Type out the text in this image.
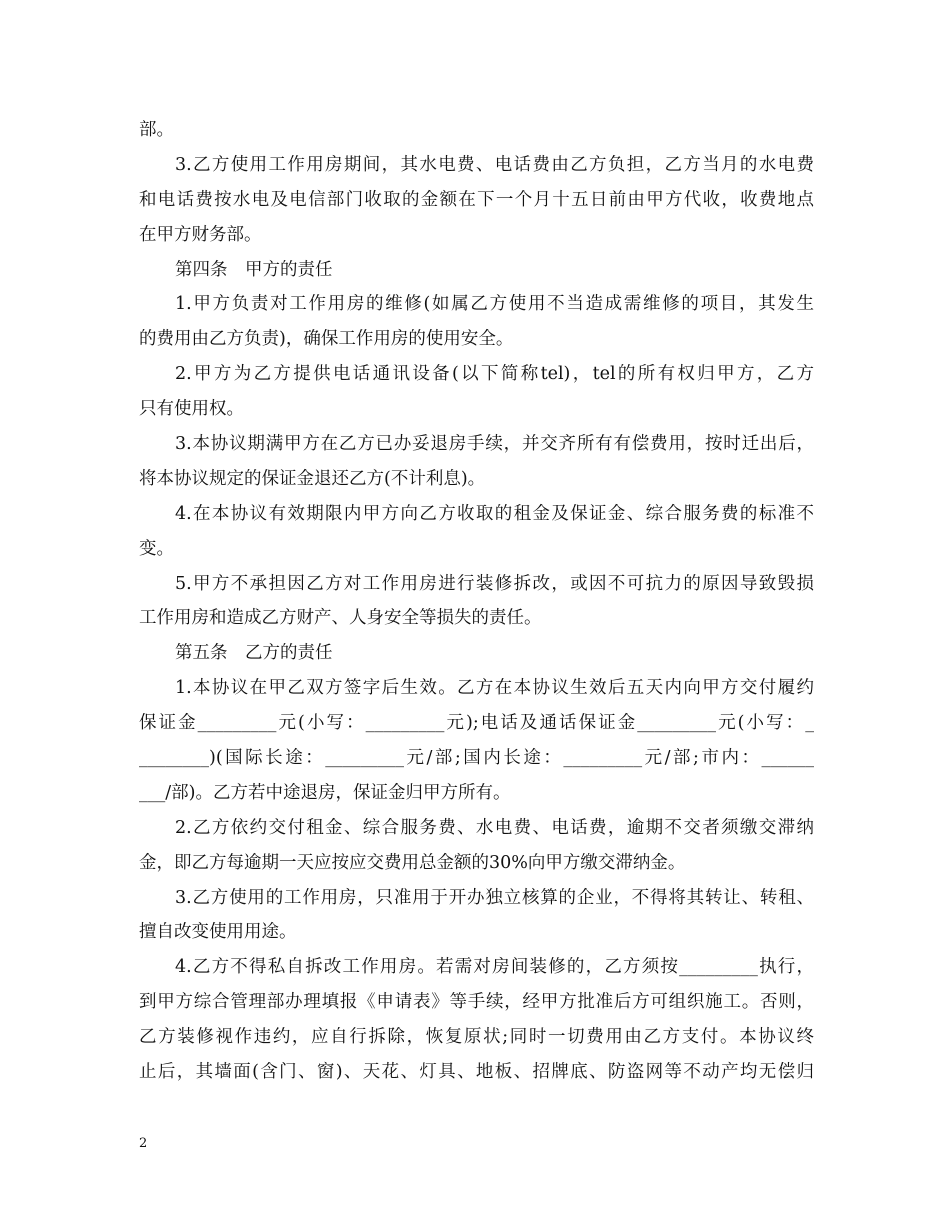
部。
3.乙方使用工作用房期间，其水电费、电话费由乙方负担，乙方当月的水电费
和电话费按水电及电信部门收取的金额在下一个月十五日前由甲方代收，收费地点
在甲方财务部。
第四条　甲方的责任
1.甲方负责对工作用房的维修(如属乙方使用不当造成需维修的项目，其发生
的费用由乙方负责)，确保工作用房的使用安全。
2.甲方为乙方提供电话通讯设备(以下简称tel)，tel的所有权归甲方，乙方
只有使用权。
3.本协议期满甲方在乙方已办妥退房手续，并交齐所有有偿费用，按时迁出后，
将本协议规定的保证金退还乙方(不计利息)。
4.在本协议有效期限内甲方向乙方收取的租金及保证金、综合服务费的标准不
变。
5.甲方不承担因乙方对工作用房进行装修拆改，或因不可抗力的原因导致毁损
工作用房和造成乙方财产、人身安全等损失的责任。
第五条　乙方的责任
1.本协议在甲乙双方签字后生效。乙方在本协议生效后五天内向甲方交付履约
保证金_________元(小写：_________元);电话及通话保证金_________元(小写：_
________)(国际长途：_________元/部;国内长途：_________元/部;市内：______
___/部)。乙方若中途退房，保证金归甲方所有。
2.乙方依约交付租金、综合服务费、水电费、电话费，逾期不交者须缴交滞纳
金，即乙方每逾期一天应按应交费用总金额的30%向甲方缴交滞纳金。
3.乙方使用的工作用房，只准用于开办独立核算的企业，不得将其转让、转租、
擅自改变使用用途。
4.乙方不得私自拆改工作用房。若需对房间装修的，乙方须按_________执行，
到甲方综合管理部办理填报《申请表》等手续，经甲方批准后方可组织施工。否则，
乙方装修视作违约，应自行拆除，恢复原状;同时一切费用由乙方支付。本协议终
止后，其墙面(含门、窗)、天花、灯具、地板、招牌底、防盗网等不动产均无偿归
2
